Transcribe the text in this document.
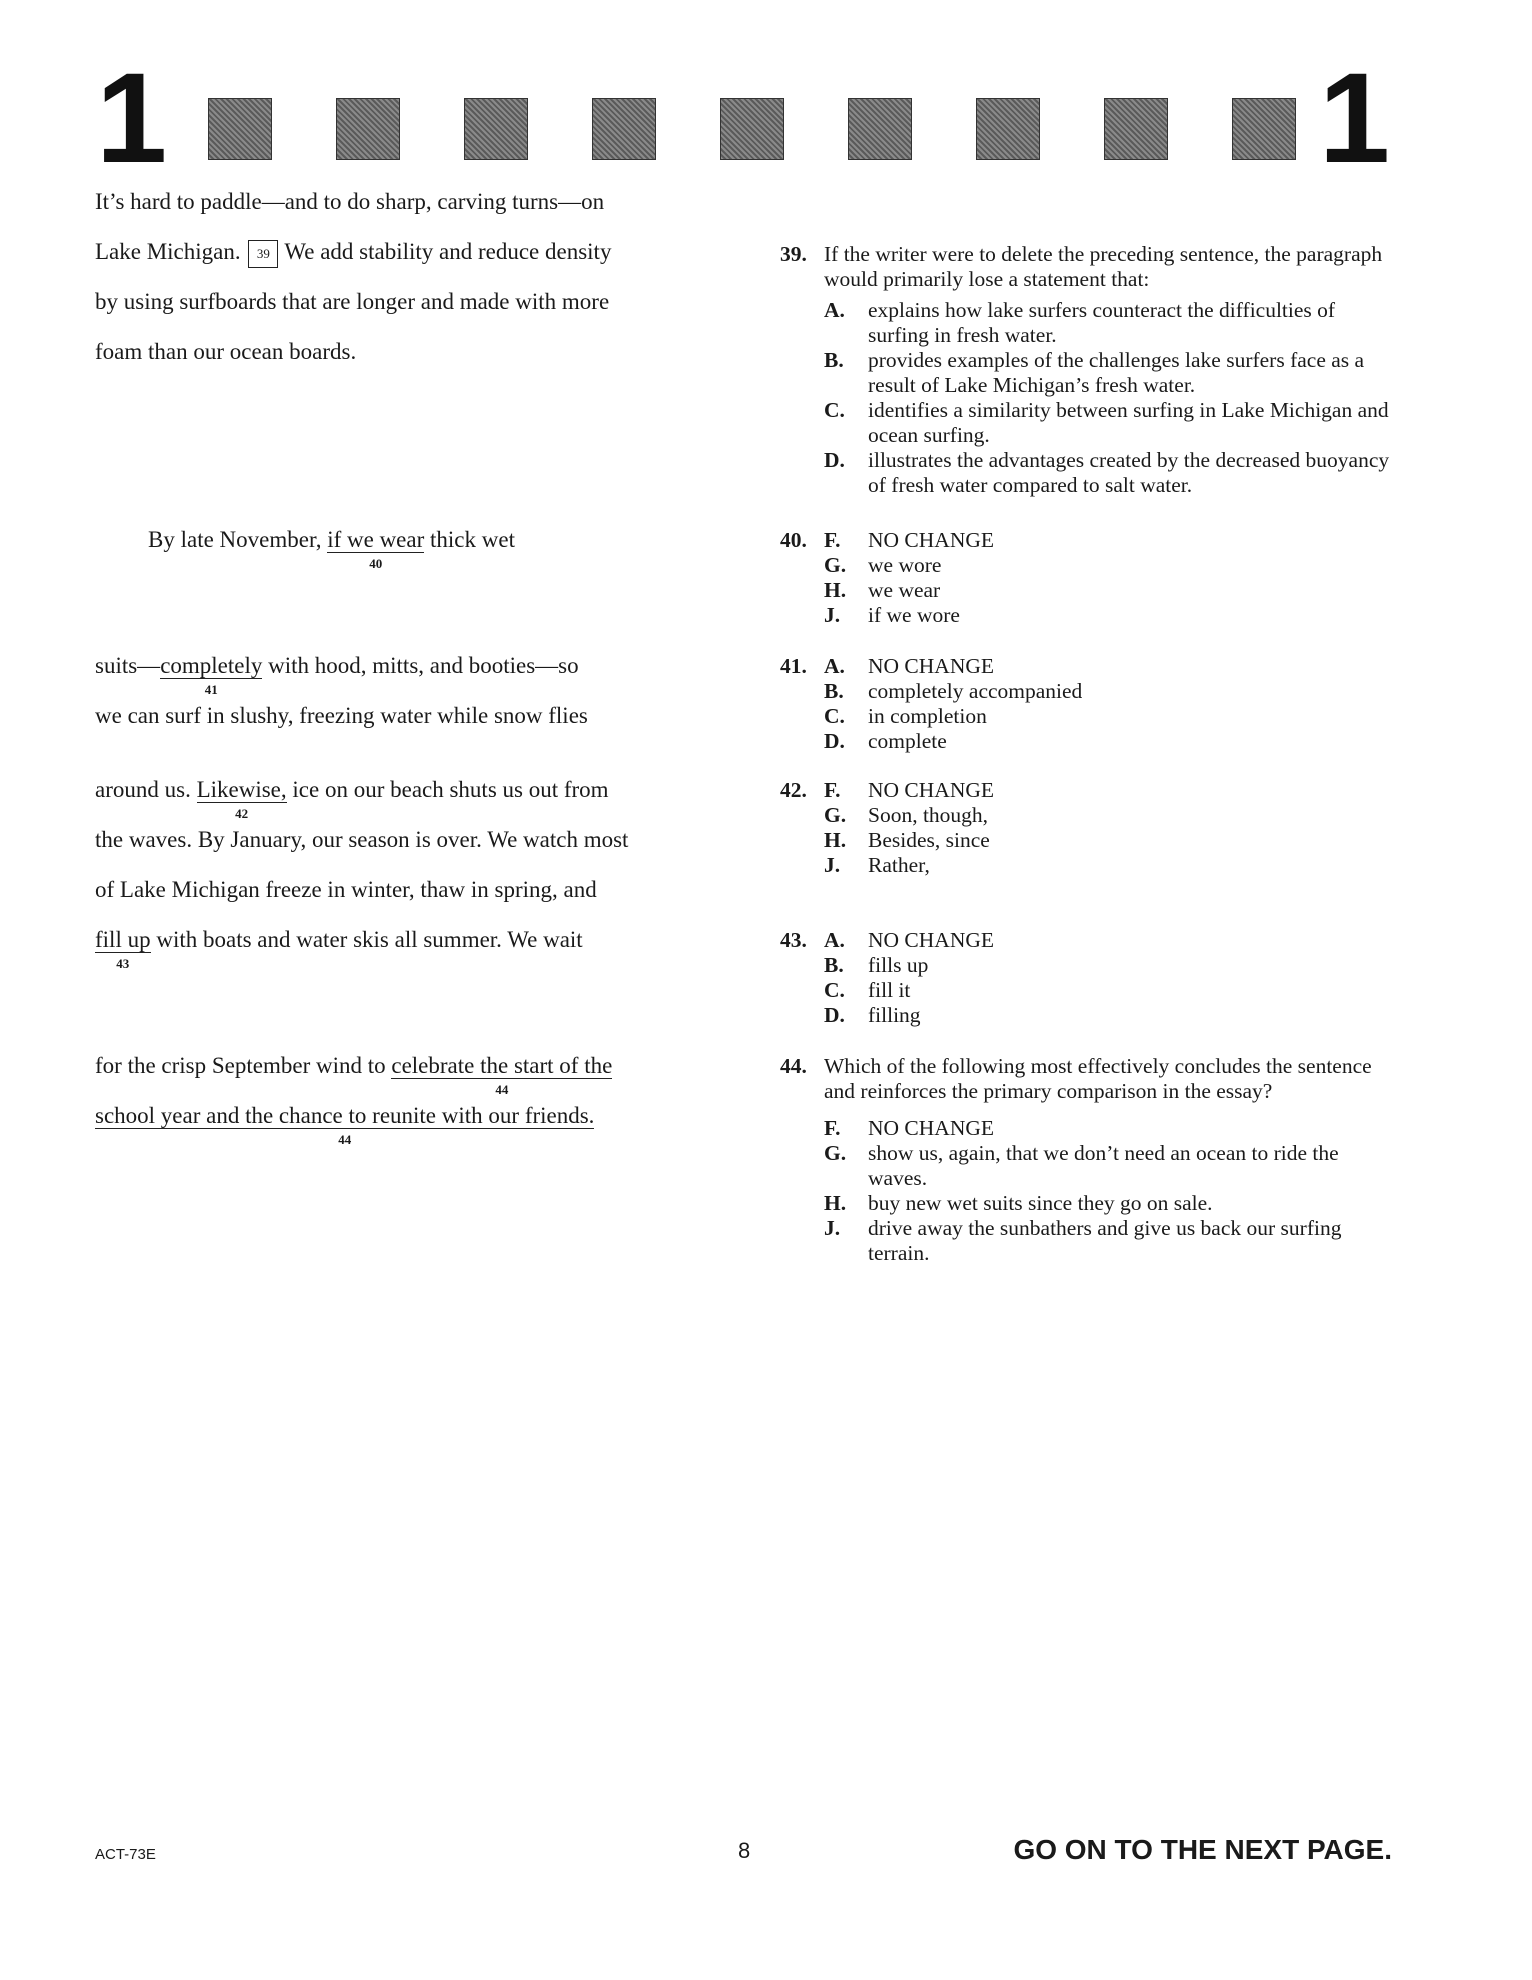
1	1
It’s hard to paddle—and to do sharp, carving turns—on
Lake Michigan. 39 We add stability and reduce density
by using surfboards that are longer and made with more
foam than our ocean boards.
By late November, if we wear
40
thick wet
suits—completely
41
with hood, mitts, and booties—so
we can surf in slushy, freezing water while snow flies
around us. Likewise,
42
ice on our beach shuts us out from
the waves. By January, our season is over. We watch most
of Lake Michigan freeze in winter, thaw in spring, and
fill up
43
with boats and water skis all summer. We wait
for the crisp September wind to celebrate the start of the
44
school year and the chance to reunite with our friends.
44
39. If the writer were to delete the preceding sentence, the paragraph would primarily lose a statement that:
A.	explains how lake surfers counteract the difficulties of surfing in fresh water.
B.	provides examples of the challenges lake surfers face as a result of Lake Michigan’s fresh water.
C.	identifies a similarity between surfing in Lake Michigan and ocean surfing.
D.	illustrates the advantages created by the decreased buoyancy of fresh water compared to salt water.
40. F.	NO CHANGE
G.	we wore
H.	we wear
J.	if we wore
41. A.	NO CHANGE
B.	completely accompanied
C.	in completion
D.	complete
42. F.	NO CHANGE
G.	Soon, though,
H.	Besides, since
J.	Rather,
43. A.	NO CHANGE
B.	fills up
C.	fill it
D.	filling
44. Which of the following most effectively concludes the sentence and reinforces the primary comparison in the essay?
F.	NO CHANGE
G.	show us, again, that we don’t need an ocean to ride the waves.
H.	buy new wet suits since they go on sale.
J.	drive away the sunbathers and give us back our surfing terrain.
ACT-73E	8	GO ON TO THE NEXT PAGE.
